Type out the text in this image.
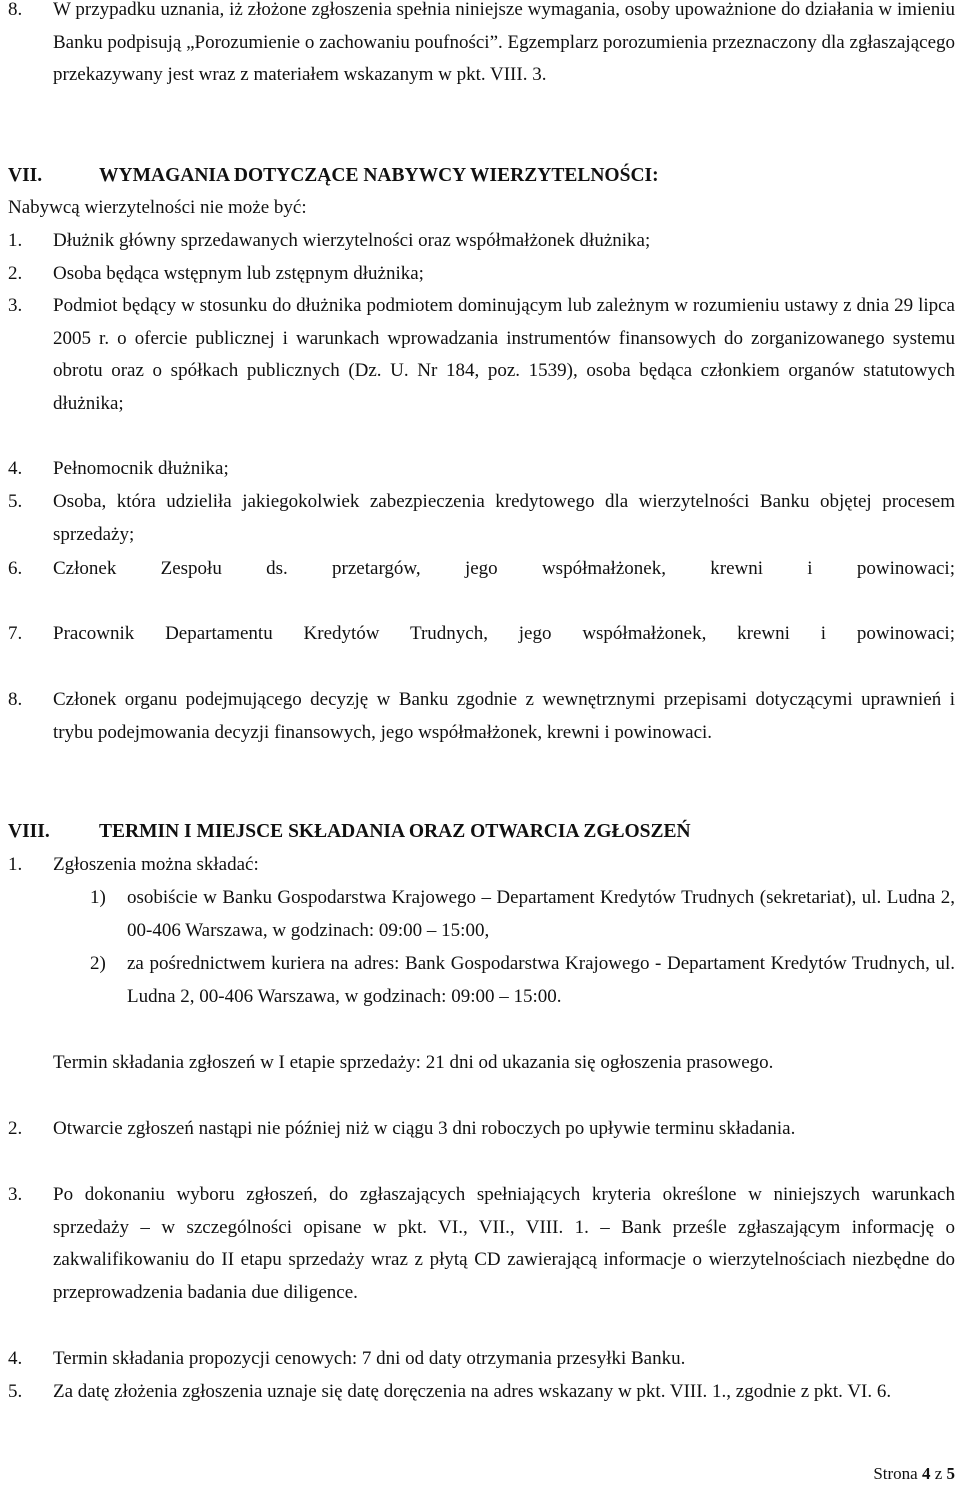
8. W przypadku uznania, iż złożone zgłoszenia spełnia niniejsze wymagania, osoby upoważnione do działania w imieniu Banku podpisują „Porozumienie o zachowaniu poufności”. Egzemplarz porozumienia przeznaczony dla zgłaszającego przekazywany jest wraz z materiałem wskazanym w pkt. VIII. 3.
VII.	WYMAGANIA DOTYCZĄCE NABYWCY WIERZYTELNOŚCI:
Nabywcą wierzytelności nie może być:
1. Dłużnik główny sprzedawanych wierzytelności oraz współmałżonek dłużnika;
2. Osoba będąca wstępnym lub zstępnym dłużnika;
3. Podmiot będący w stosunku do dłużnika podmiotem dominującym lub zależnym w rozumieniu ustawy z dnia 29 lipca 2005 r. o ofercie publicznej i warunkach wprowadzania instrumentów finansowych do zorganizowanego systemu obrotu oraz o spółkach publicznych (Dz. U. Nr 184, poz. 1539), osoba będąca członkiem organów statutowych dłużnika;
4. Pełnomocnik dłużnika;
5. Osoba, która udzieliła jakiegokolwiek zabezpieczenia kredytowego dla wierzytelności Banku objętej procesem sprzedaży;
6. Członek Zespołu ds. przetargów, jego współmałżonek, krewni i powinowaci;
7. Pracownik Departamentu Kredytów Trudnych, jego współmałżonek, krewni i powinowaci;
8. Członek organu podejmującego decyzję w Banku zgodnie z wewnętrznymi przepisami dotyczącymi uprawnień i trybu podejmowania decyzji finansowych, jego współmałżonek, krewni i powinowaci.
VIII.	TERMIN I MIEJSCE SKŁADANIA ORAZ OTWARCIA ZGŁOSZEŃ
1. Zgłoszenia można składać:
1) osobiście w Banku Gospodarstwa Krajowego – Departament Kredytów Trudnych (sekretariat), ul. Ludna 2, 00-406 Warszawa, w godzinach: 09:00 – 15:00,
2) za pośrednictwem kuriera na adres: Bank Gospodarstwa Krajowego - Departament Kredytów Trudnych, ul. Ludna 2, 00-406 Warszawa, w godzinach: 09:00 – 15:00.
Termin składania zgłoszeń w I etapie sprzedaży: 21 dni od ukazania się ogłoszenia prasowego.
2. Otwarcie zgłoszeń nastąpi nie później niż w ciągu 3 dni roboczych po upływie terminu składania.
3. Po dokonaniu wyboru zgłoszeń, do zgłaszających spełniających kryteria określone w niniejszych warunkach sprzedaży – w szczególności opisane w pkt. VI., VII., VIII. 1. – Bank prześle zgłaszającym informację o zakwalifikowaniu do II etapu sprzedaży wraz z płytą CD zawierającą informacje o wierzytelnościach niezbędne do przeprowadzenia badania due diligence.
4. Termin składania propozycji cenowych: 7 dni od daty otrzymania przesyłki Banku.
5. Za datę złożenia zgłoszenia uznaje się datę doręczenia na adres wskazany w pkt. VIII. 1., zgodnie z pkt. VI. 6.
Strona 4 z 5
